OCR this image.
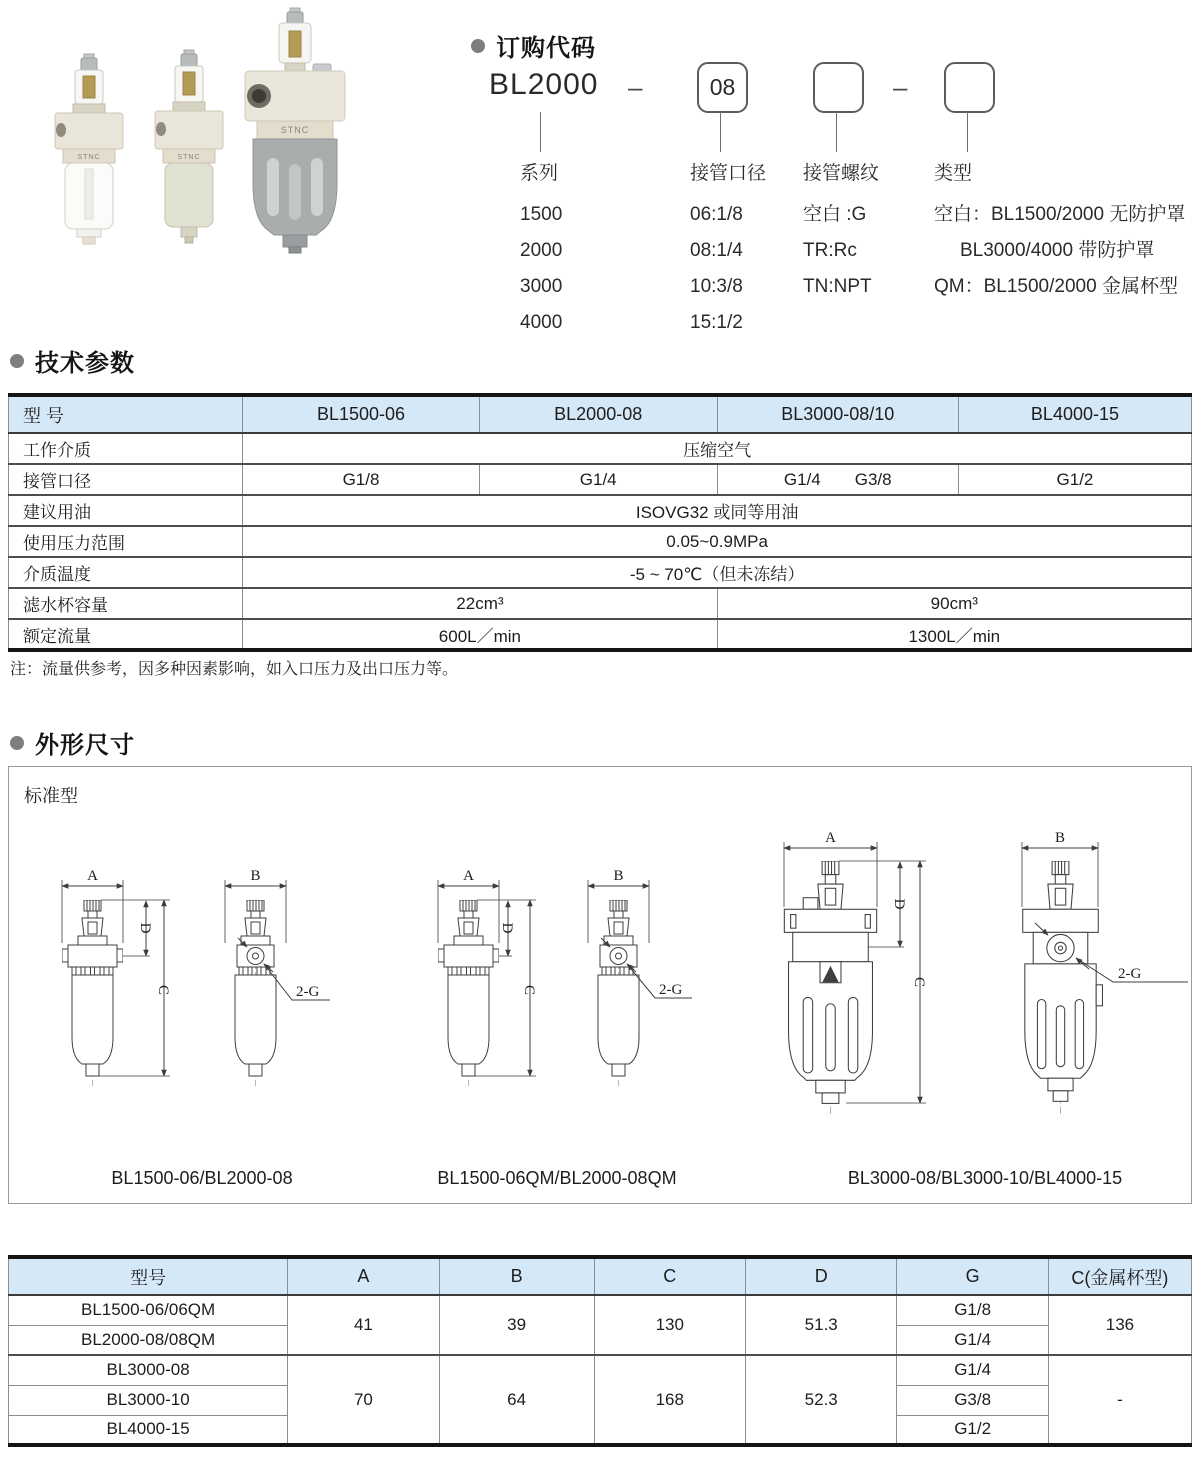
STNC	STNC
STNC
订购代码
BL2000 –	08	–
系列
1500
2000
3000
4000
接管口径
06:1/8
08:1/4
10:3/8
15:1/2
接管螺纹
空白 :G
TR:Rc
TN:NPT
类型
空白：BL1500/2000 无防护罩
BL3000/4000 带防护罩
QM：BL1500/2000 金属杯型
技术参数
型 号	BL1500-06	BL2000-08	BL3000-08/10	BL4000-15
工作介质	压缩空气			
接管口径	G1/8	G1/4	G1/4 G3/8	G1/2
建议用油	ISOVG32 或同等用油			
使用压力范围	0.05~0.9MPa			
介质温度	-5 ~ 70℃（但未冻结）			
滤水杯容量	22cm³		90cm³	
额定流量	600L／min		1300L／min	
注：流量供参考，因多种因素影响，如入口压力及出口压力等。
外形尺寸
标准型
A
D
C
B
2-G
A
D
C
B
2-G
A
D
C
B
2-G
BL1500-06/BL2000-08	BL1500-06QM/BL2000-08QM	BL3000-08/BL3000-10/BL4000-15
型号	A	B	C	D	G	C(金属杯型)
BL1500-06/06QM	41	39	130	51.3	G1/8	136
BL2000-08/08QM					G1/4	
BL3000-08	70	64	168	52.3	G1/4	-
BL3000-10					G3/8	
BL4000-15					G1/2	
